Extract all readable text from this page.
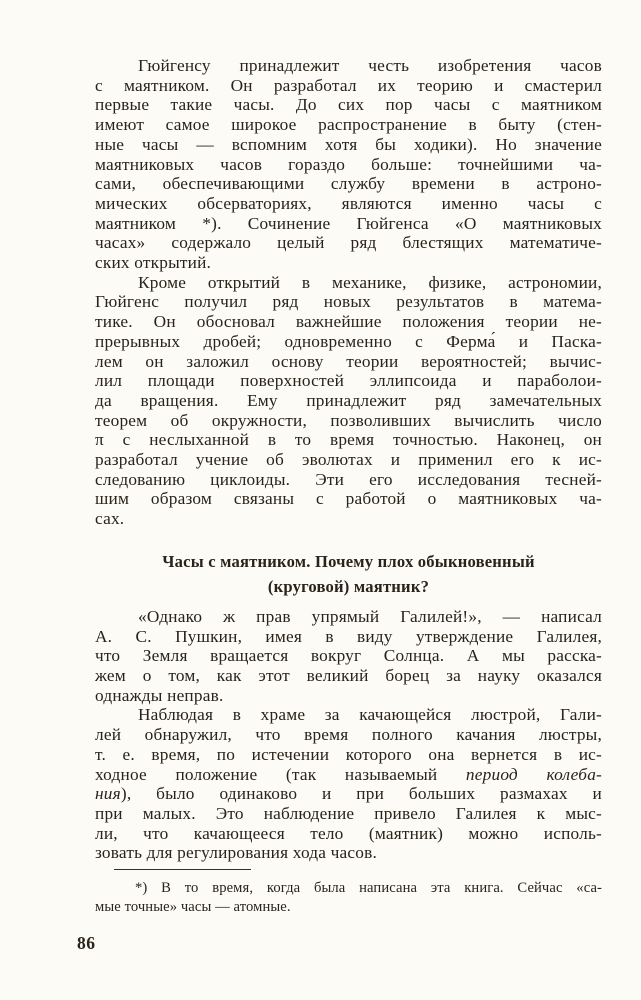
Гюйгенсу принадлежит честь изобретения часов
с маятником. Он разработал их теорию и смастерил
первые такие часы. До сих пор часы с маятником
имеют самое широкое распространение в быту (стен-
ные часы — вспомним хотя бы ходики). Но значение
маятниковых часов гораздо больше: точнейшими ча-
сами, обеспечивающими службу времени в астроно-
мических обсерваториях, являются именно часы с
маятником *). Сочинение Гюйгенса «О маятниковых
часах» содержало целый ряд блестящих математиче-
ских открытий.
Кроме открытий в механике, физике, астрономии,
Гюйгенс получил ряд новых результатов в матема-
тике. Он обосновал важнейшие положения теории не-
прерывных дробей; одновременно с Ферма́ и Паска-
лем он заложил основу теории вероятностей; вычис-
лил площади поверхностей эллипсоида и параболои-
да вращения. Ему принадлежит ряд замечательных
теорем об окружности, позволивших вычислить число
π с неслыханной в то время точностью. Наконец, он
разработал учение об эволютах и применил его к ис-
следованию циклоиды. Эти его исследования тесней-
шим образом связаны с работой о маятниковых ча-
сах.
Часы с маятником. Почему плох обыкновенный
(круговой) маятник?
«Однако ж прав упрямый Галилей!», — написал
А. С. Пушкин, имея в виду утверждение Галилея,
что Земля вращается вокруг Солнца. А мы расска-
жем о том, как этот великий борец за науку оказался
однажды неправ.
Наблюдая в храме за качающейся люстрой, Гали-
лей обнаружил, что время полного качания люстры,
т. е. время, по истечении которого она вернется в ис-
ходное положение (так называемый период колеба-
ния), было одинаково и при больших размахах и
при малых. Это наблюдение привело Галилея к мыс-
ли, что качающееся тело (маятник) можно исполь-
зовать для регулирования хода часов.
*) В то время, когда была написана эта книга. Сейчас «са-
мые точные» часы — атомные.
86
